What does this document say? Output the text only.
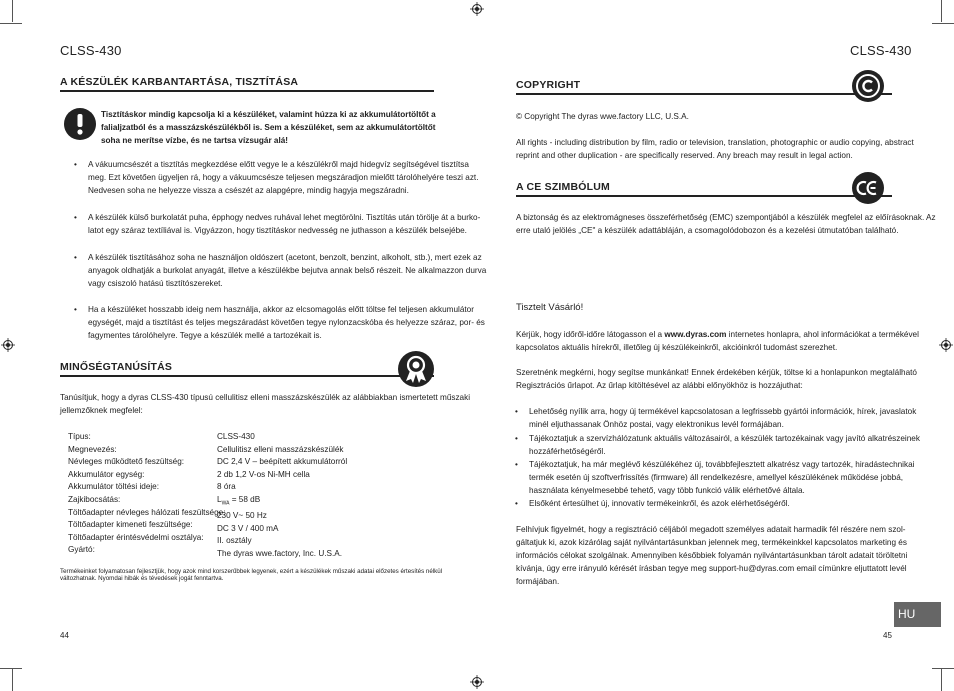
CLSS-430
A KÉSZÜLÉK KARBANTARTÁSA, TISZTÍTÁSA
Tisztításkor mindig kapcsolja ki a készüléket, valamint húzza ki az akkumulátortöltőt a
falialjzatból és a masszázskészülékből is. Sem a készüléket, sem az akkumulátortöltőt
soha ne merítse vízbe, és ne tartsa vízsugár alá!
• A vákuumcsészét a tisztítás megkezdése előtt vegye le a készülékről majd hidegvíz segítségével tisztítsa
meg. Ezt követően ügyeljen rá, hogy a vákuumcsésze teljesen megszáradjon mielőtt tárolóhelyére teszi azt.
Nedvesen soha ne helyezze vissza a csészét az alapgépre, mindig hagyja megszáradni.
• A készülék külső burkolatát puha, épphogy nedves ruhával lehet megtörölni. Tisztítás után törölje át a burko-
latot egy száraz textíliával is. Vigyázzon, hogy tisztításkor nedvesség ne juthasson a készülék belsejébe.
• A készülék tisztításához soha ne használjon oldószert (acetont, benzolt, benzint, alkoholt, stb.), mert ezek az
anyagok oldhatják a burkolat anyagát, illetve a készülékbe bejutva annak belső részeit. Ne alkalmazzon durva
vagy csiszoló hatású tisztítószereket.
• Ha a készüléket hosszabb ideig nem használja, akkor az elcsomagolás előtt töltse fel teljesen akkumulátor
egységét, majd a tisztítást és teljes megszáradást követően tegye nylonzacskóba és helyezze száraz, por- és
fagymentes tárolóhelyre. Tegye a készülék mellé a tartozékait is.
MINŐSÉGTANÚSÍTÁS
Tanúsítjuk, hogy a dyras CLSS-430 típusú cellulitisz elleni masszázskészülék az alábbiakban ismertetett műszaki
jellemzőknek megfelel:
Típus:
Megnevezés:
Névleges működtető feszültség:
Akkumulátor egység:
Akkumulátor töltési ideje:
Zajkibocsátás:
Töltőadapter névleges hálózati feszültsége:
Töltőadapter kimeneti feszültsége:
Töltőadapter érintésvédelmi osztálya:
Gyártó:
CLSS-430
Cellulitisz elleni masszázskészülék
DC 2,4 V – beépített akkumulátorról
2 db 1,2 V-os Ni-MH cella
8 óra
$L_{WA} = 58$ dB
230 V~ 50 Hz
DC 3 V / 400 mA
II. osztály
The dyras wwe.factory, Inc. U.S.A.
Termékeinket folyamatosan fejlesztjük, hogy azok mind korszerűbbek legyenek, ezért a készülékek műszaki adatai előzetes értesítés nélkül
változhatnak. Nyomdai hibák és tévedések jogát fenntartva.
44
CLSS-430
COPYRIGHT
© Copyright The dyras wwe.factory LLC, U.S.A.
All rights - including distribution by film, radio or television, translation, photographic or audio copying, abstract
reprint and other duplication - are specifically reserved. Any breach may result in legal action.
A CE SZIMBÓLUM
A biztonság és az elektromágneses összeférhetőség (EMC) szempontjából a készülék megfelel az előírásoknak. Az
erre utaló jelölés „CE" a készülék adattábláján, a csomagolódobozon és a kezelési útmutatóban található.
Tisztelt Vásárló!
Kérjük, hogy időről-időre látogasson el a www.dyras.com internetes honlapra, ahol információkat a termékével
kapcsolatos aktuális hírekről, illetőleg új készülékeinkről, akcióinkról tudomást szerezhet.
Szeretnénk megkérni, hogy segítse munkánkat! Ennek érdekében kérjük, töltse ki a honlapunkon megtalálható
Regisztrációs űrlapot. Az űrlap kitöltésével az alábbi előnyökhöz is hozzájuthat:
• Lehetőség nyílik arra, hogy új termékével kapcsolatosan a legfrissebb gyártói információk, hírek, javaslatok
minél eljuthassanak Önhöz postai, vagy elektronikus levél formájában.
• Tájékoztatjuk a szervízhálózatunk aktuális változásairól, a készülék tartozékainak vagy javító alkatrészeinek
hozzáférhetőségéről.
• Tájékoztatjuk, ha már meglévő készülékéhez új, továbbfejlesztett alkatrész vagy tartozék, hiradástechnikai
termék esetén új szoftverfrissítés (firmware) áll rendelkezésre, amellyel készülékének működése jobbá,
használata kényelmesebbé tehető, vagy több funkció válik elérhetővé általa.
• Elsőként értesülhet új, innovatív termékeinkről, és azok elérhetőségéről.
Felhívjuk figyelmét, hogy a regisztráció céljából megadott személyes adatait harmadik fél részére nem szol-
gáltatjuk ki, azok kizárólag saját nyilvántartásunkban jelennek meg, termékeinkkel kapcsolatos marketing és
információs célokat szolgálnak. Amennyiben későbbiek folyamán nyilvántartásunkban tárolt adatait töröltetni
kívánja, úgy erre irányuló kérését írásban tegye meg support-hu@dyras.com email címünkre eljuttatott levél
formájában.
HU
45
